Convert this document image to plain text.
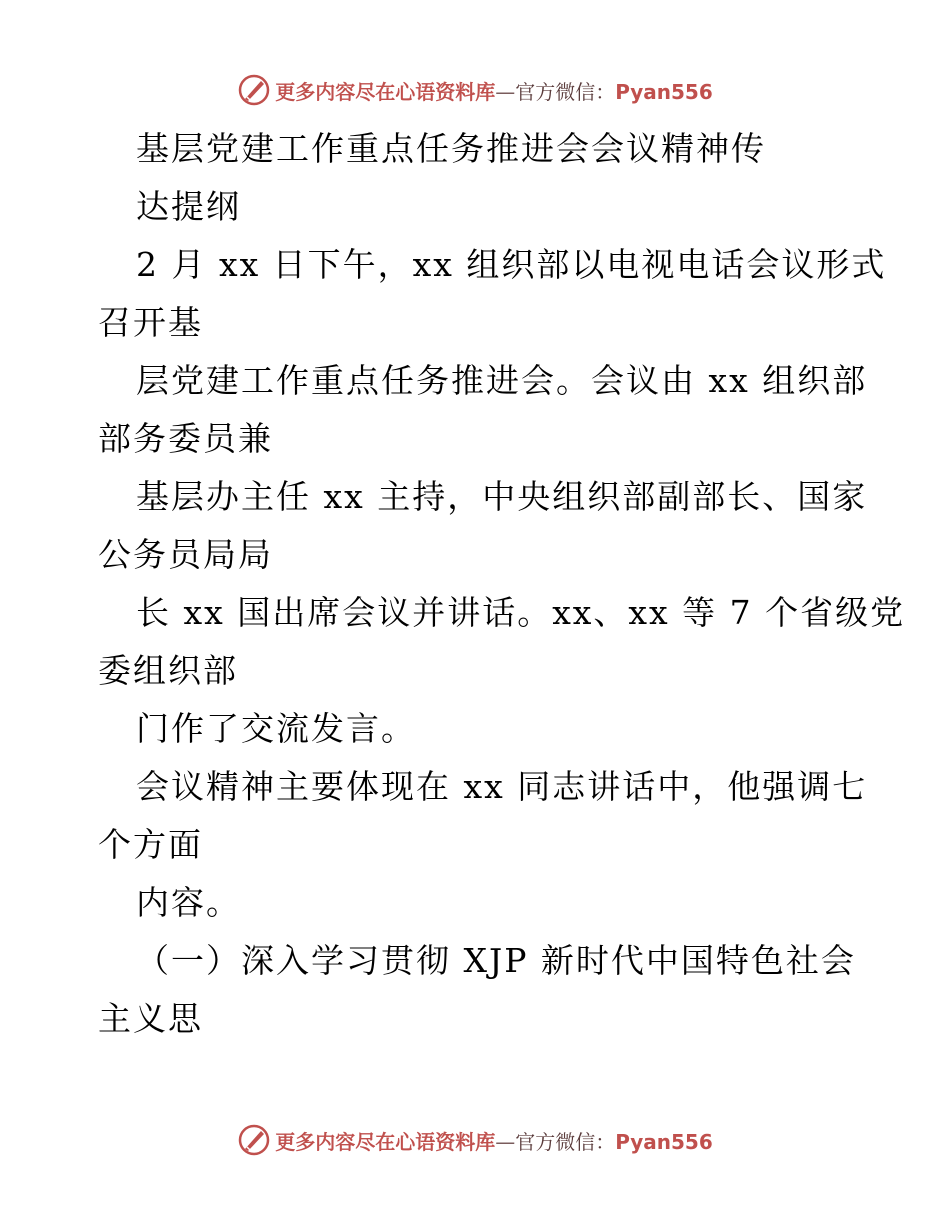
更多内容尽在心语资料库—官方微信：Pyan556
基层党建工作重点任务推进会会议精神传
达提纲
2 月 xx 日下午，xx 组织部以电视电话会议形式
召开基
层党建工作重点任务推进会。会议由 xx 组织部
部务委员兼
基层办主任 xx 主持，中央组织部副部长、国家
公务员局局
长 xx 国出席会议并讲话。xx、xx 等 7 个省级党
委组织部
门作了交流发言。
会议精神主要体现在 xx 同志讲话中，他强调七
个方面
内容。
（一）深入学习贯彻 XJP 新时代中国特色社会
主义思
更多内容尽在心语资料库—官方微信：Pyan556
